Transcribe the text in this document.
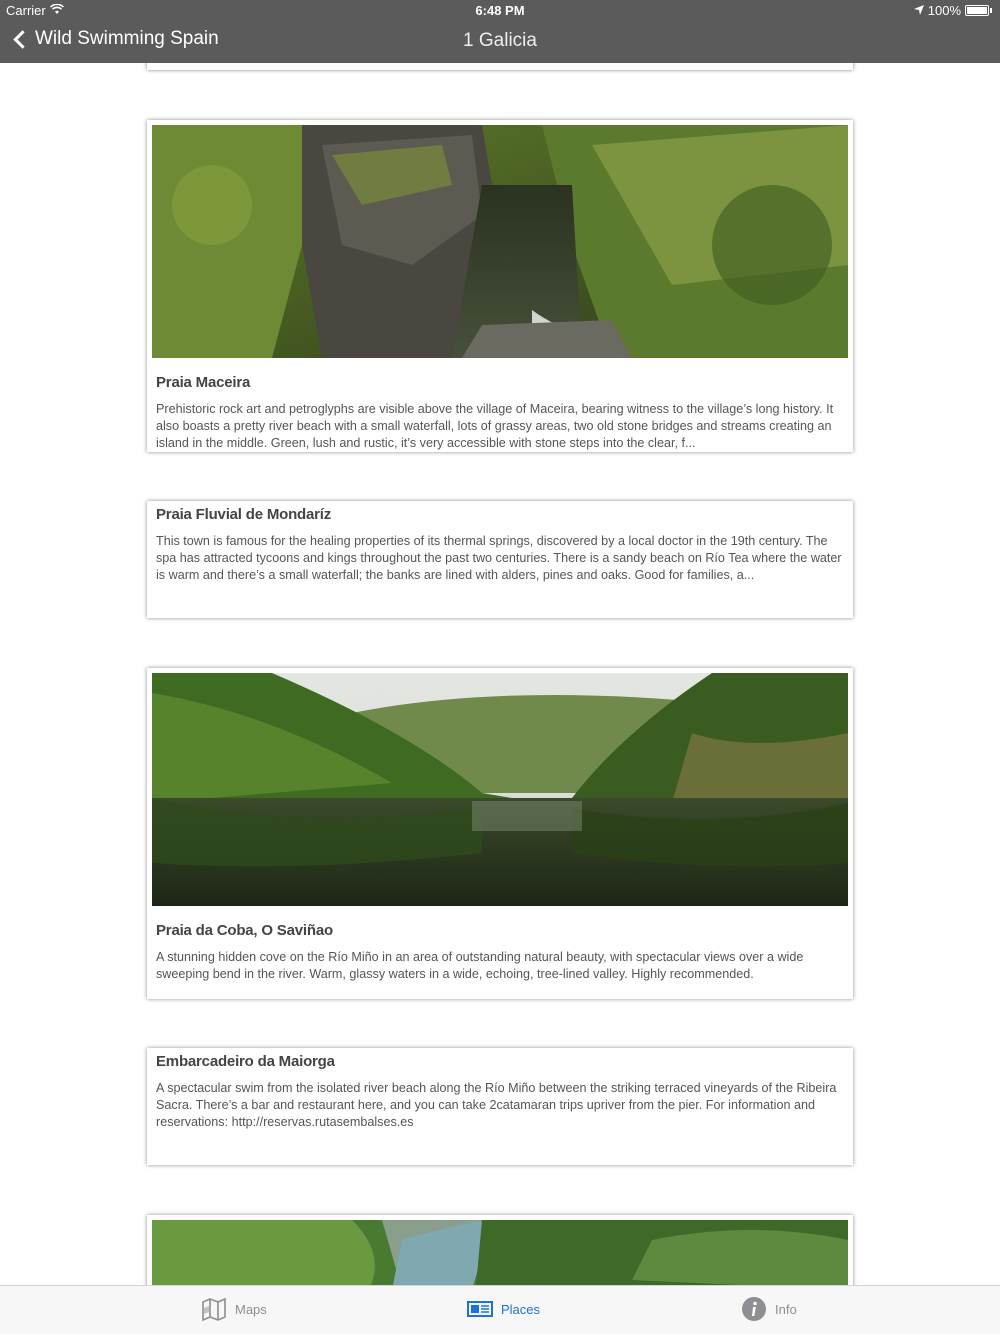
Carrier	6:48 PM	100%
Wild Swimming Spain	1 Galicia
Praia Maceira

Prehistoric rock art and petroglyphs are visible above the village of Maceira, bearing witness to the village’s long history. It also boasts a pretty river beach with a small waterfall, lots of grassy areas, two old stone bridges and streams creating an island in the middle. Green, lush and rustic, it’s very accessible with stone steps into the clear, f...

Praia Fluvial de Mondaríz

This town is famous for the healing properties of its thermal springs, discovered by a local doctor in the 19th century. The spa has attracted tycoons and kings throughout the past two centuries. There is a sandy beach on Río Tea where the water is warm and there’s a small waterfall; the banks are lined with alders, pines and oaks. Good for families, a...

Praia da Coba, O Saviñao

A stunning hidden cove on the Río Miño in an area of outstanding natural beauty, with spectacular views over a wide sweeping bend in the river. Warm, glassy waters in a wide, echoing, tree-lined valley. Highly recommended.

Embarcadeiro da Maiorga

A spectacular swim from the isolated river beach along the Río Miño between the striking terraced vineyards of the Ribeira Sacra. There’s a bar and restaurant here, and you can take 2catamaran trips upriver from the pier. For information and reservations: http://reservas.rutasembalses.es

Maps	Places	Info
